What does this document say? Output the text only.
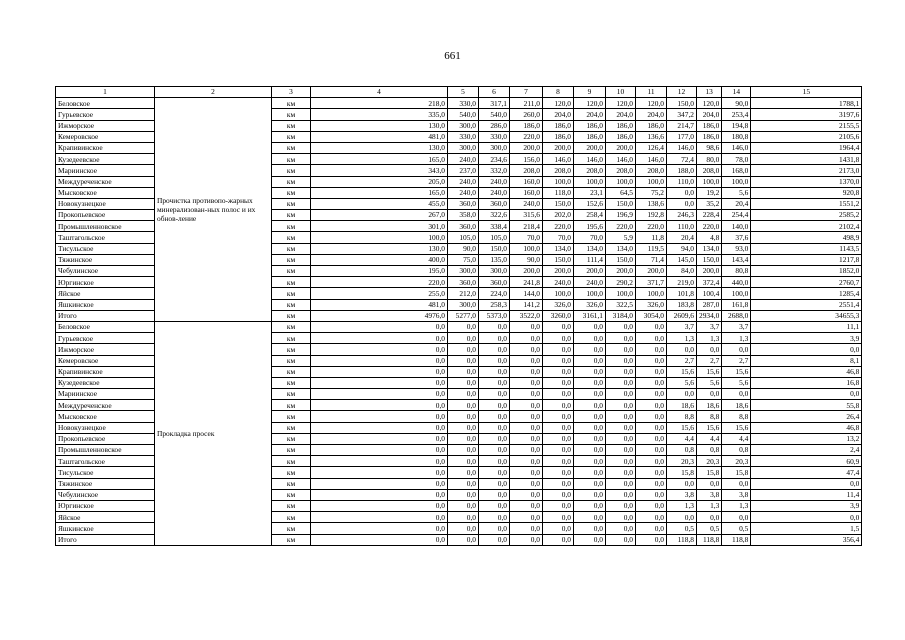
661
1	2	3	4	5	6	7	8	9	10	11	12	13	14	15
Беловское	Прочистка противопо-жарных минерализован-ных полос и их обнов-ление	км	218,0	330,0	317,1	211,0	120,0	120,0	120,0	120,0	150,0	120,0	90,0	1788,1
Гурьевское		км	335,0	540,0	540,0	260,0	204,0	204,0	204,0	204,0	347,2	204,0	253,4	3197,6
Ижморское		км	130,0	300,0	286,0	186,0	186,0	186,0	186,0	186,0	214,7	186,0	194,8	2155,5
Кемеровское		км	481,0	330,0	330,0	220,0	186,0	186,0	186,0	136,6	177,0	186,0	180,8	2105,6
Крапивинское		км	130,0	300,0	300,0	200,0	200,0	200,0	200,0	126,4	146,0	98,6	146,0	1964,4
Кузедеевское		км	165,0	240,0	234,6	156,0	146,0	146,0	146,0	146,0	72,4	80,0	78,0	1431,8
Мариинское		км	343,0	237,0	332,0	208,0	208,0	208,0	208,0	208,0	188,0	208,0	168,0	2173,0
Междуреченское		км	205,0	240,0	240,0	160,0	100,0	100,0	100,0	100,0	110,0	100,0	100,0	1370,0
Мысковское		км	165,0	240,0	240,0	160,0	118,0	23,1	64,5	75,2	0,0	19,2	5,6	920,8
Новокузнецкое		км	455,0	360,0	360,0	240,0	150,0	152,6	150,0	138,6	0,0	35,2	20,4	1551,2
Прокопьевское		км	267,0	358,0	322,6	315,6	202,0	258,4	196,9	192,8	246,3	228,4	254,4	2585,2
Промышленновское		км	301,0	360,0	338,4	218,4	220,0	195,6	220,0	220,0	110,0	220,0	140,0	2102,4
Таштагольское		км	100,0	105,0	105,0	70,0	70,0	70,0	5,9	11,8	20,4	4,8	37,6	498,9
Тисульское		км	130,0	90,0	150,0	100,0	134,0	134,0	134,0	119,5	94,0	134,0	93,0	1143,5
Тяжинское		км	400,0	75,0	135,0	90,0	150,0	111,4	150,0	71,4	145,0	150,0	143,4	1217,8
Чебулинское		км	195,0	300,0	300,0	200,0	200,0	200,0	200,0	200,0	84,0	200,0	80,8	1852,0
Юргинское		км	220,0	360,0	360,0	241,8	240,0	240,0	290,2	371,7	219,0	372,4	440,0	2760,7
Яйское		км	255,0	212,0	224,0	144,0	100,0	100,0	100,0	100,0	101,8	100,4	100,0	1285,4
Яшкинское		км	481,0	300,0	258,3	141,2	326,0	326,0	322,5	326,0	183,8	287,0	161,8	2551,4
Итого		км	4976,0	5277,0	5373,0	3522,0	3260,0	3161,1	3184,0	3054,0	2609,6	2934,0	2688,0	34655,3
Беловское	Прокладка просек	км	0,0	0,0	0,0	0,0	0,0	0,0	0,0	0,0	3,7	3,7	3,7	11,1
Гурьевское		км	0,0	0,0	0,0	0,0	0,0	0,0	0,0	0,0	1,3	1,3	1,3	3,9
Ижморское		км	0,0	0,0	0,0	0,0	0,0	0,0	0,0	0,0	0,0	0,0	0,0	0,0
Кемеровское		км	0,0	0,0	0,0	0,0	0,0	0,0	0,0	0,0	2,7	2,7	2,7	8,1
Крапивинское		км	0,0	0,0	0,0	0,0	0,0	0,0	0,0	0,0	15,6	15,6	15,6	46,8
Кузедеевское		км	0,0	0,0	0,0	0,0	0,0	0,0	0,0	0,0	5,6	5,6	5,6	16,8
Мариинское		км	0,0	0,0	0,0	0,0	0,0	0,0	0,0	0,0	0,0	0,0	0,0	0,0
Междуреченское		км	0,0	0,0	0,0	0,0	0,0	0,0	0,0	0,0	18,6	18,6	18,6	55,8
Мысковское		км	0,0	0,0	0,0	0,0	0,0	0,0	0,0	0,0	8,8	8,8	8,8	26,4
Новокузнецкое		км	0,0	0,0	0,0	0,0	0,0	0,0	0,0	0,0	15,6	15,6	15,6	46,8
Прокопьевское		км	0,0	0,0	0,0	0,0	0,0	0,0	0,0	0,0	4,4	4,4	4,4	13,2
Промышленновское		км	0,0	0,0	0,0	0,0	0,0	0,0	0,0	0,0	0,8	0,8	0,8	2,4
Таштагольское		км	0,0	0,0	0,0	0,0	0,0	0,0	0,0	0,0	20,3	20,3	20,3	60,9
Тисульское		км	0,0	0,0	0,0	0,0	0,0	0,0	0,0	0,0	15,8	15,8	15,8	47,4
Тяжинское		км	0,0	0,0	0,0	0,0	0,0	0,0	0,0	0,0	0,0	0,0	0,0	0,0
Чебулинское		км	0,0	0,0	0,0	0,0	0,0	0,0	0,0	0,0	3,8	3,8	3,8	11,4
Юргинское		км	0,0	0,0	0,0	0,0	0,0	0,0	0,0	0,0	1,3	1,3	1,3	3,9
Яйское		км	0,0	0,0	0,0	0,0	0,0	0,0	0,0	0,0	0,0	0,0	0,0	0,0
Яшкинское		км	0,0	0,0	0,0	0,0	0,0	0,0	0,0	0,0	0,5	0,5	0,5	1,5
Итого		км	0,0	0,0	0,0	0,0	0,0	0,0	0,0	0,0	118,8	118,8	118,8	356,4
